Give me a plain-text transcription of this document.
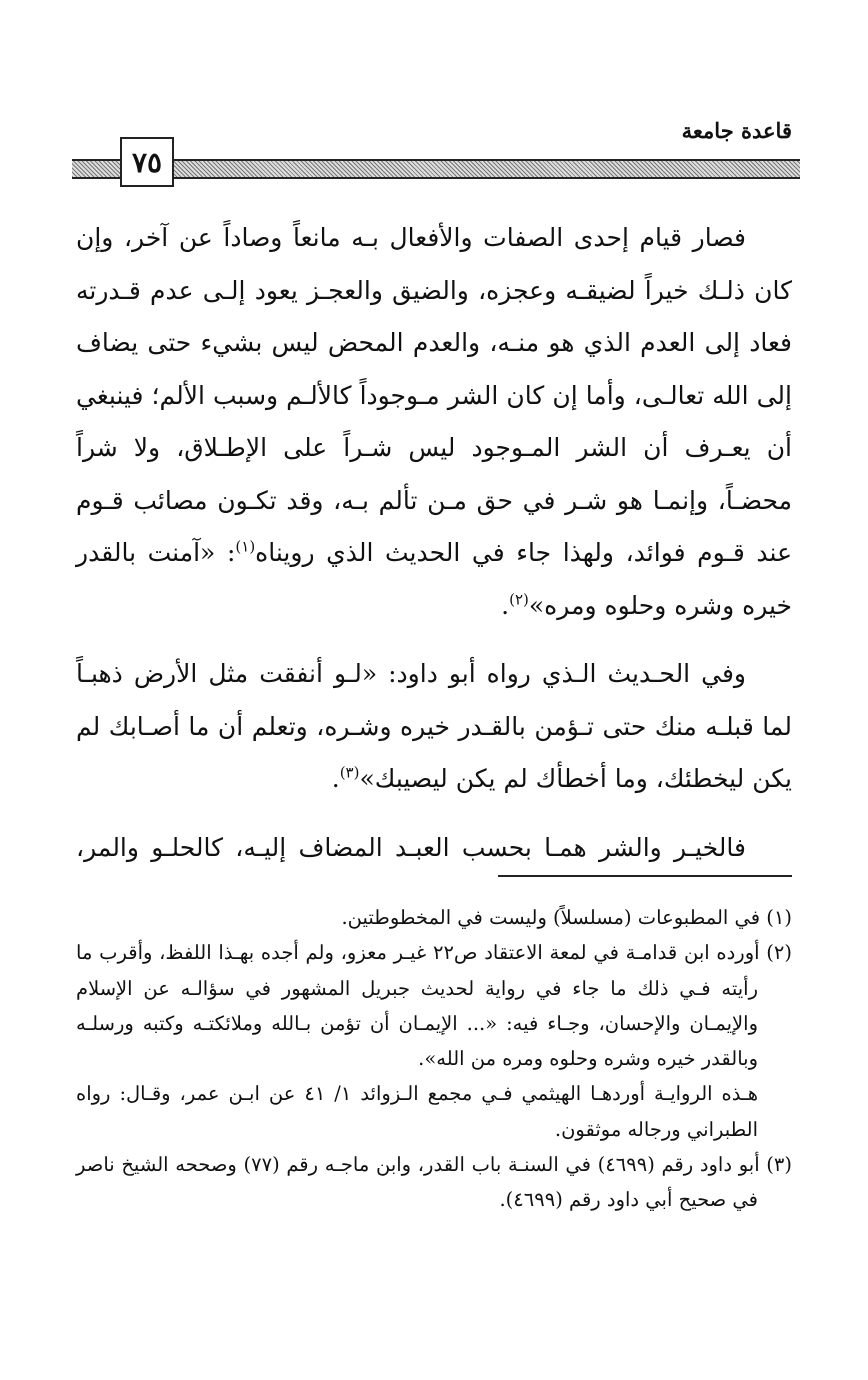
قاعدة جامعة
٧٥

فصار قيام إحدى الصفات والأفعال بـه مانعاً وصاداً عن آخر، وإن كان ذلـك خيراً لضيقـه وعجزه، والضيق والعجـز يعود إلـى عدم قـدرته فعاد إلى العدم الذي هو منـه، والعدم المحض ليس بشيء حتى يضاف إلى الله تعالـى، وأما إن كان الشر مـوجوداً كالألـم وسبب الألم؛ فينبغي أن يعـرف أن الشر المـوجود ليس شـراً على الإطـلاق، ولا شراً محضـاً، وإنمـا هو شـر في حق مـن تألم بـه، وقد تكـون مصائب قـوم عند قـوم فوائد، ولهذا جاء في الحديث الذي رويناه$^{(١)}$: «آمنت بالقدر خيره وشره وحلوه ومره»$^{(٢)}$.

وفي الحـديث الـذي رواه أبو داود: «لـو أنفقت مثل الأرض ذهبـاً لما قبلـه منك حتى تـؤمن بالقـدر خيره وشـره، وتعلم أن ما أصـابك لم يكن ليخطئك، وما أخطأك لم يكن ليصيبك»$^{(٣)}$.

فالخيـر والشر همـا بحسب العبـد المضاف إليـه، كالحلـو والمر،

(١) في المطبوعات (مسلسلاً) وليست في المخطوطتين.

(٢) أورده ابن قدامـة في لمعة الاعتقاد ص٢٢ غيـر معزو، ولم أجده بهـذا اللفظ، وأقرب ما رأيته فـي ذلك ما جاء في رواية لحديث جبريل المشهور في سؤالـه عن الإسلام والإيمـان والإحسان، وجـاء فيه: «... الإيمـان أن تؤمن بـالله وملائكتـه وكتبه ورسلـه وبالقدر خيره وشره وحلوه ومره من الله».

هـذه الروايـة أوردهـا الهيثمي فـي مجمع الـزوائد ١/ ٤١ عن ابـن عمر، وقـال: رواه الطبراني ورجاله موثقون.

(٣) أبو داود رقم (٤٦٩٩) في السنـة باب القدر، وابن ماجـه رقم (٧٧) وصححه الشيخ ناصر في صحيح أبي داود رقم (٤٦٩٩).
